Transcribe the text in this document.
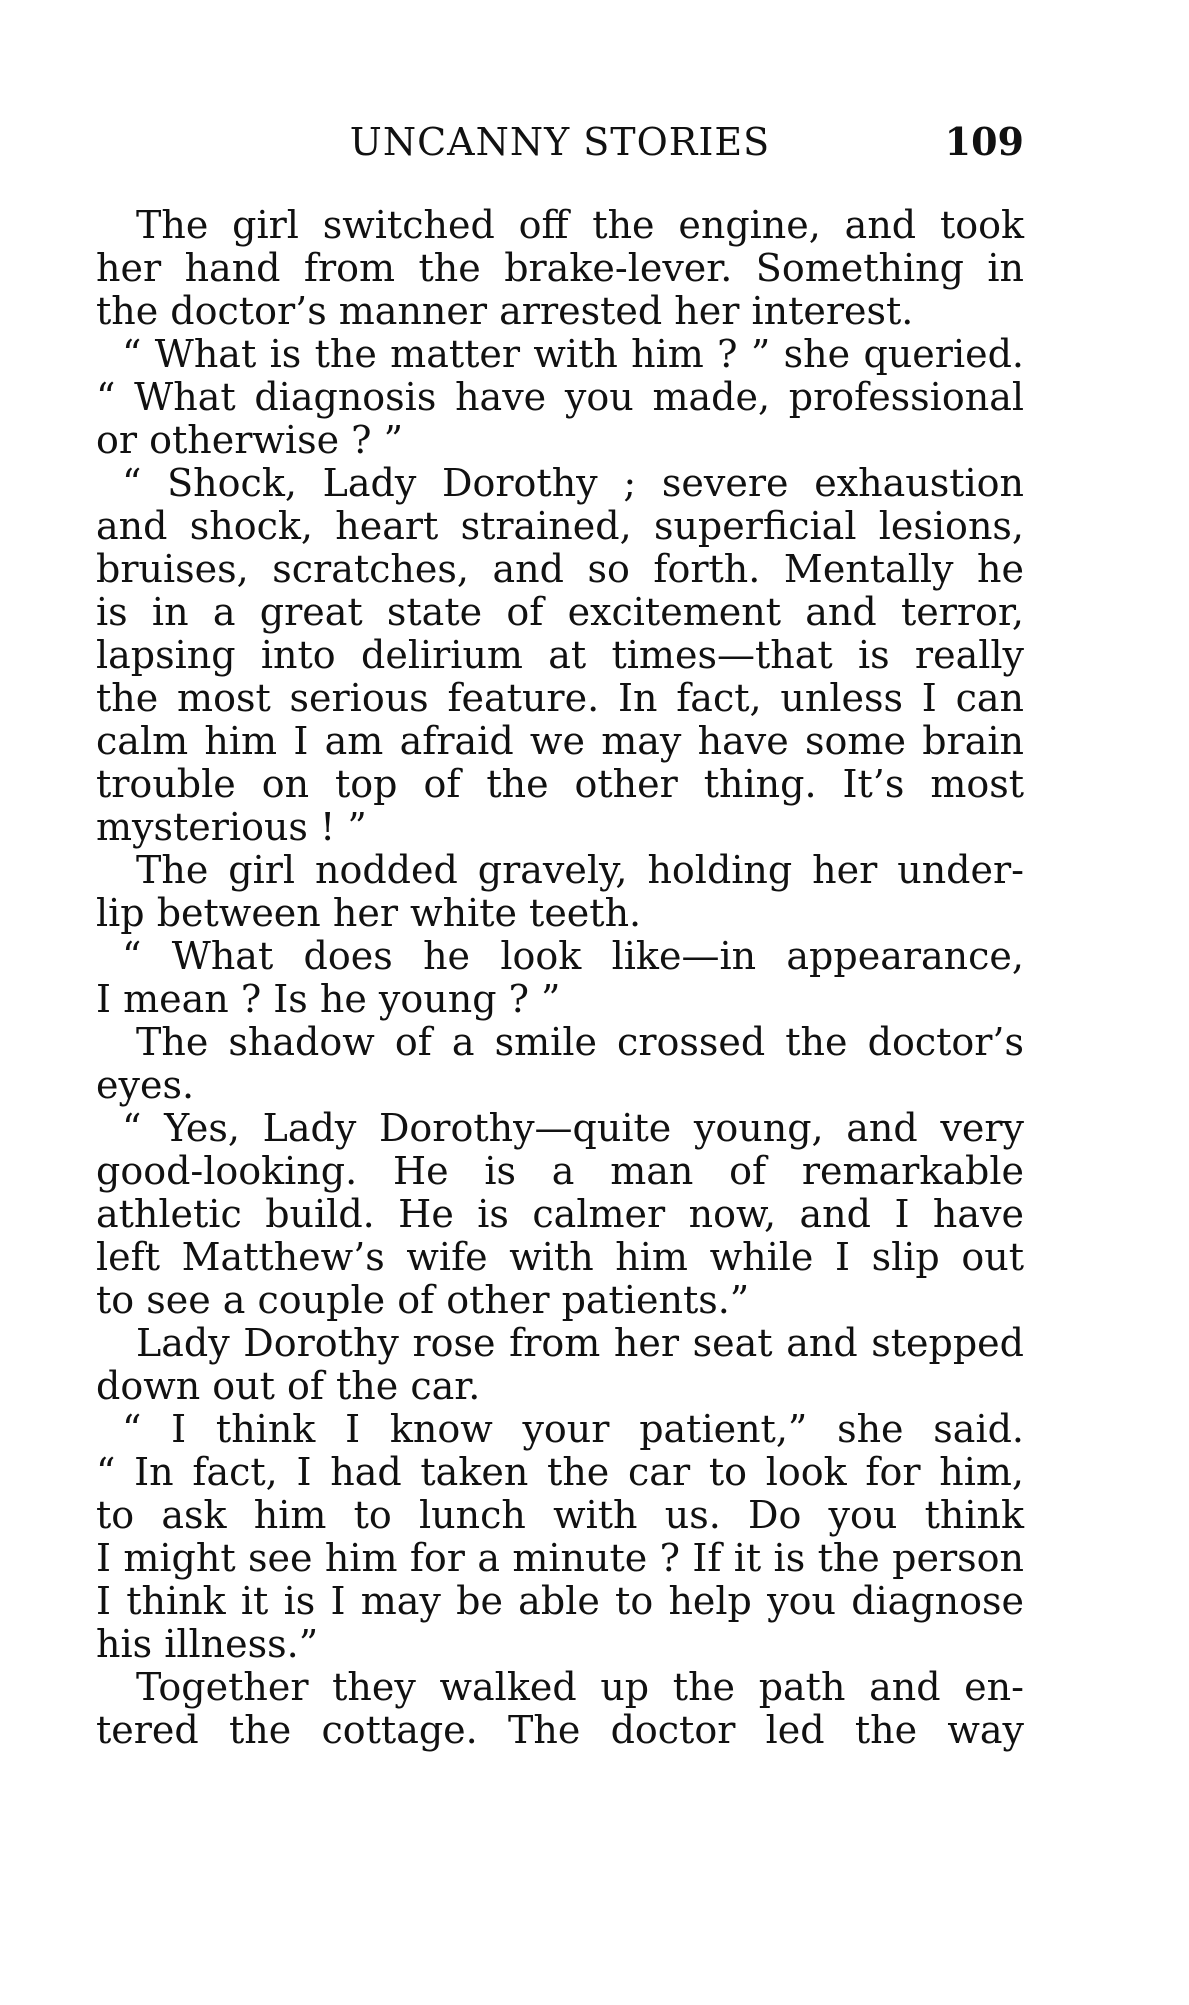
UNCANNY STORIES	109
The girl switched off the engine, and took
her hand from the brake-lever. Something in
the doctor’s manner arrested her interest.
“ What is the matter with him ? ” she queried.
“ What diagnosis have you made, professional
or otherwise ? ”
“ Shock, Lady Dorothy ; severe exhaustion
and shock, heart strained, superficial lesions,
bruises, scratches, and so forth. Mentally he
is in a great state of excitement and terror,
lapsing into delirium at times—that is really
the most serious feature. In fact, unless I can
calm him I am afraid we may have some brain
trouble on top of the other thing. It’s most
mysterious ! ”
The girl nodded gravely, holding her under-
lip between her white teeth.
“ What does he look like—in appearance,
I mean ? Is he young ? ”
The shadow of a smile crossed the doctor’s
eyes.
“ Yes, Lady Dorothy—quite young, and very
good-looking. He is a man of remarkable
athletic build. He is calmer now, and I have
left Matthew’s wife with him while I slip out
to see a couple of other patients.”
Lady Dorothy rose from her seat and stepped
down out of the car.
“ I think I know your patient,” she said.
“ In fact, I had taken the car to look for him,
to ask him to lunch with us. Do you think
I might see him for a minute ? If it is the person
I think it is I may be able to help you diagnose
his illness.”
Together they walked up the path and en-
tered the cottage. The doctor led the way
